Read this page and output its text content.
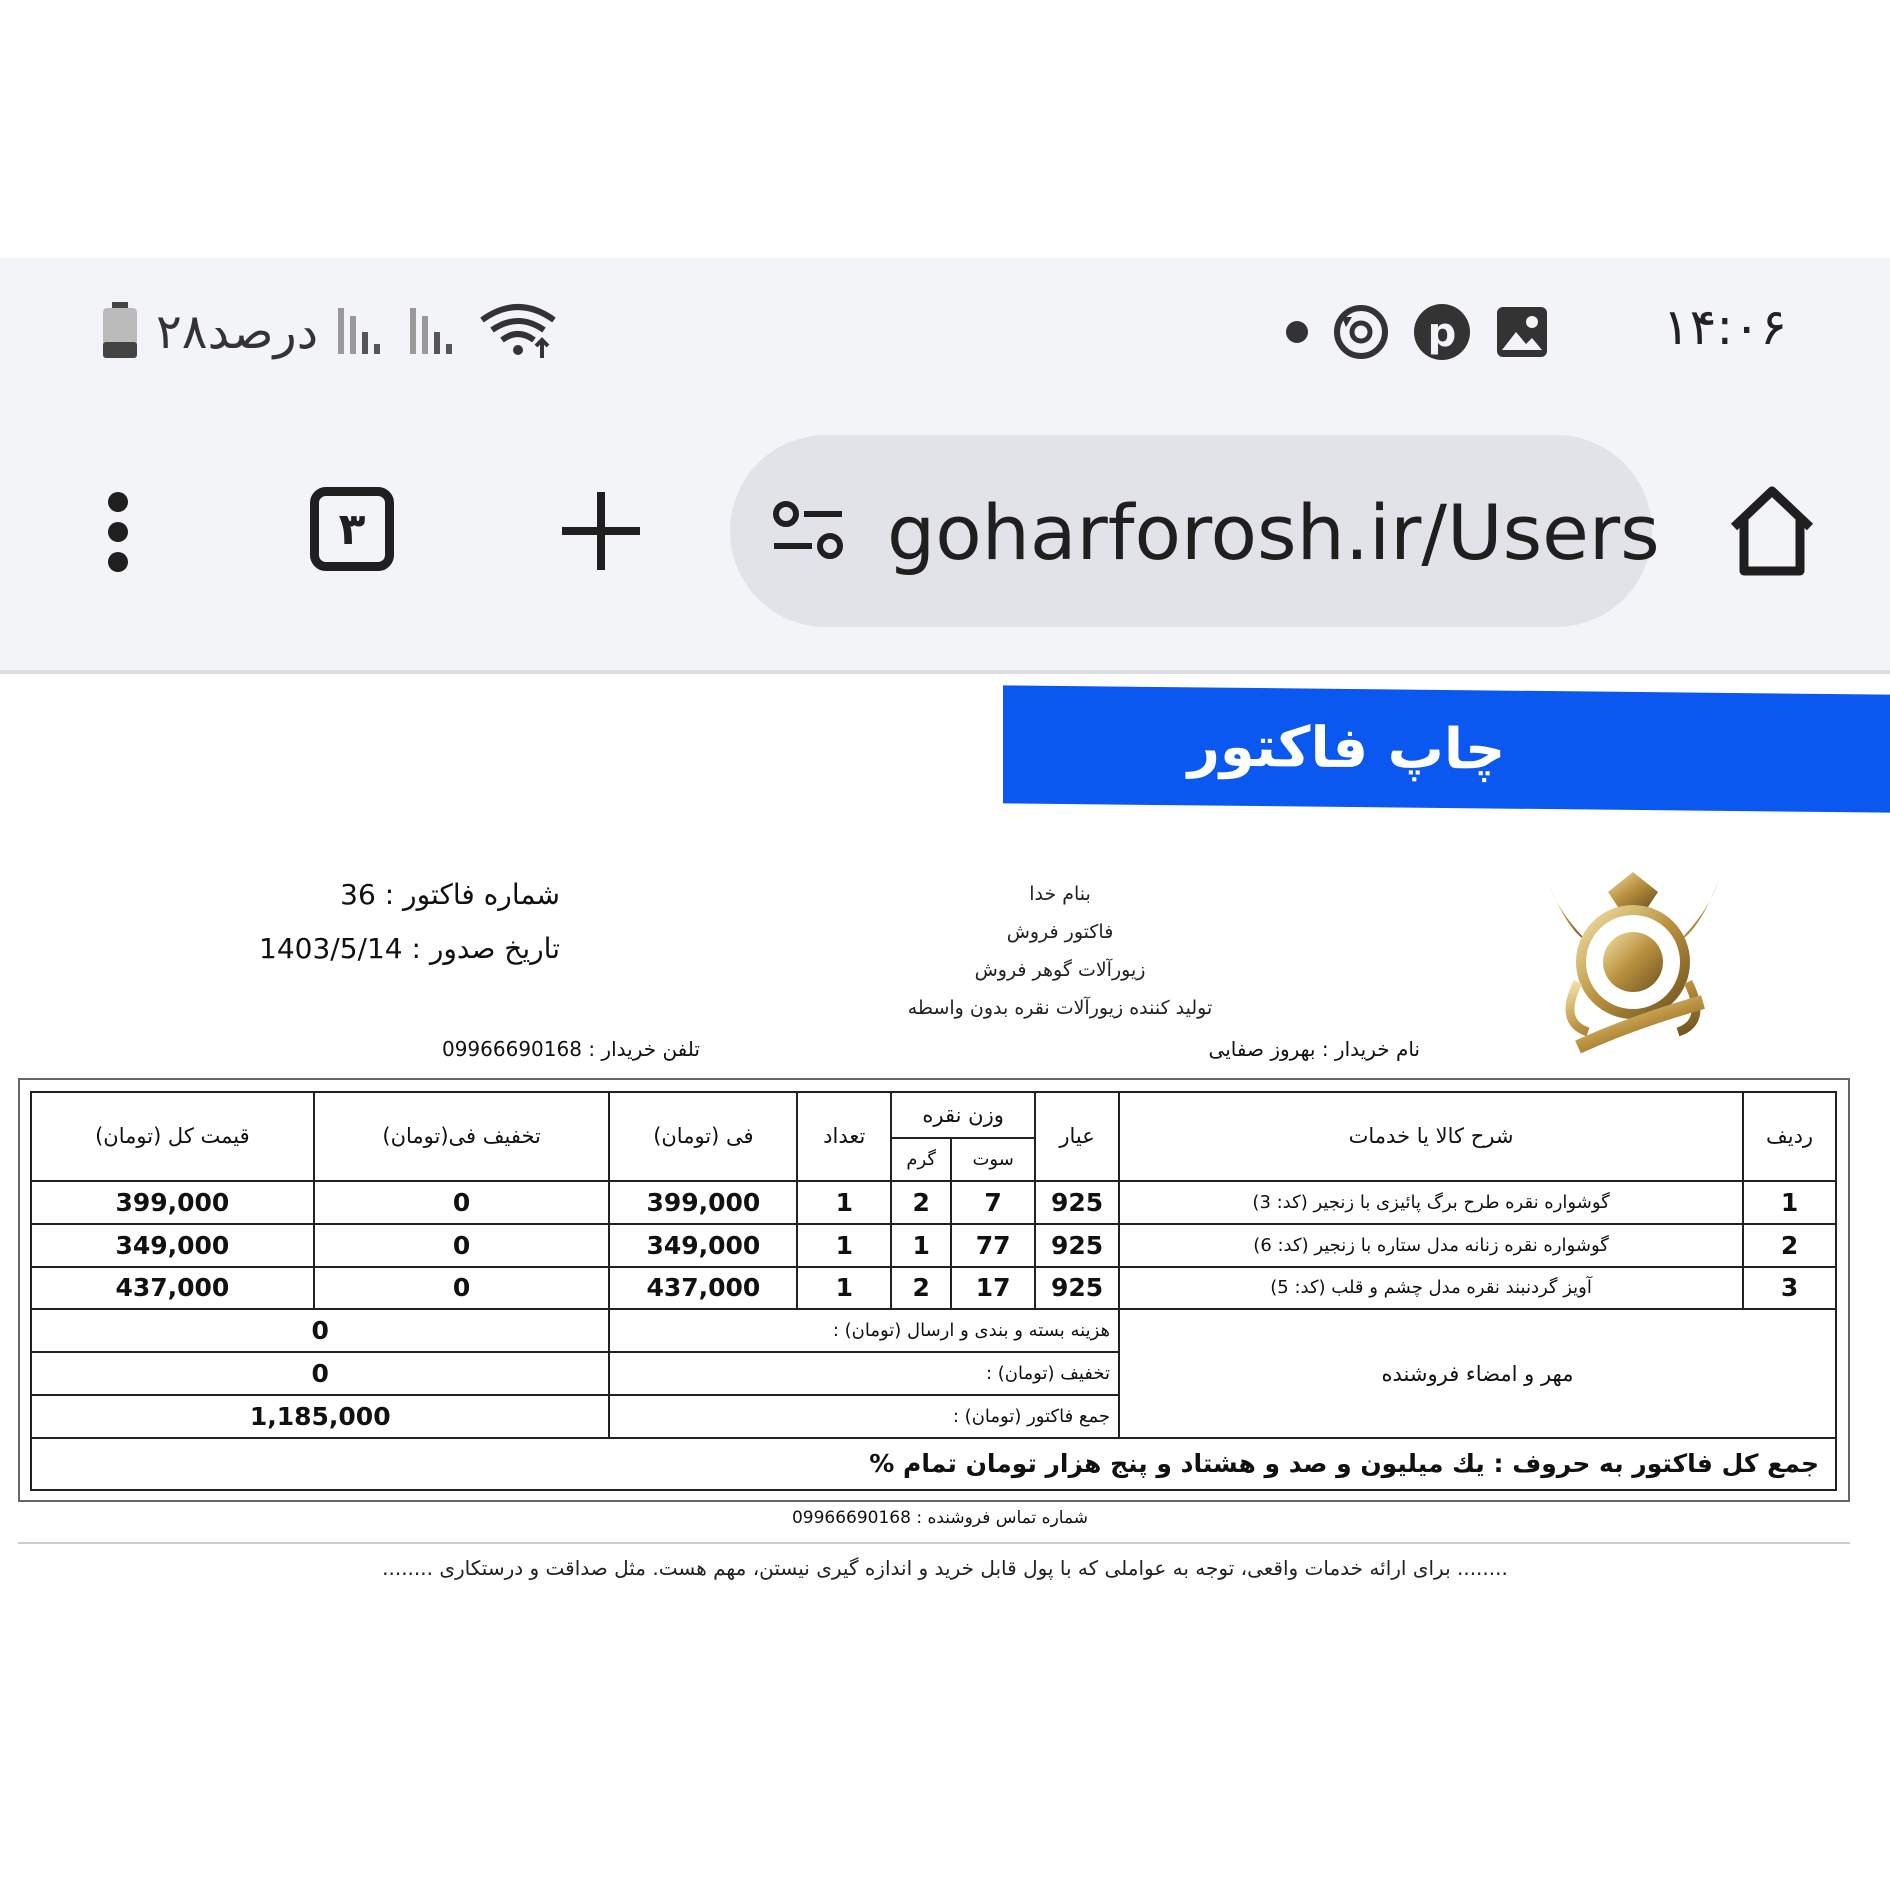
۱۴:۰۶
p
۲۸درصد
goharforosh.ir/Users
۳
چاپ فاکتور
بنام خدا
فاکتور فروش
زیورآلات گوهر فروش
تولید کننده زیورآلات نقره بدون واسطه
شماره فاکتور : 36
تاریخ صدور : 1403/5/14
نام خریدار : بهروز صفایی
تلفن خریدار : 09966690168
ردیف	شرح کالا یا خدمات	عیار	وزن نقره		تعداد	فی (تومان)	تخفیف فی(تومان)	قیمت کل (تومان)
			سوت	گرم				
1	گوشواره نقره طرح برگ پائیزی با زنجیر (کد: 3)	925	7	2	1	399,000	0	399,000
2	گوشواره نقره زنانه مدل ستاره با زنجیر (کد: 6)	925	77	1	1	349,000	0	349,000
3	آویز گردنبند نقره مدل چشم و قلب (کد: 5)	925	17	2	1	437,000	0	437,000
مهر و امضاء فروشنده		هزینه بسته و بندی و ارسال (تومان) :					0	
		تخفیف (تومان) :					0	
		جمع فاکتور (تومان) :					1,185,000	
جمع کل فاکتور به حروف : یك میلیون و صد و هشتاد و پنج هزار تومان تمام %								
شماره تماس فروشنده : 09966690168
........ برای ارائه خدمات واقعی، توجه به عواملی که با پول قابل خرید و اندازه گیری نیستن، مهم هست. مثل صداقت و درستکاری ........
